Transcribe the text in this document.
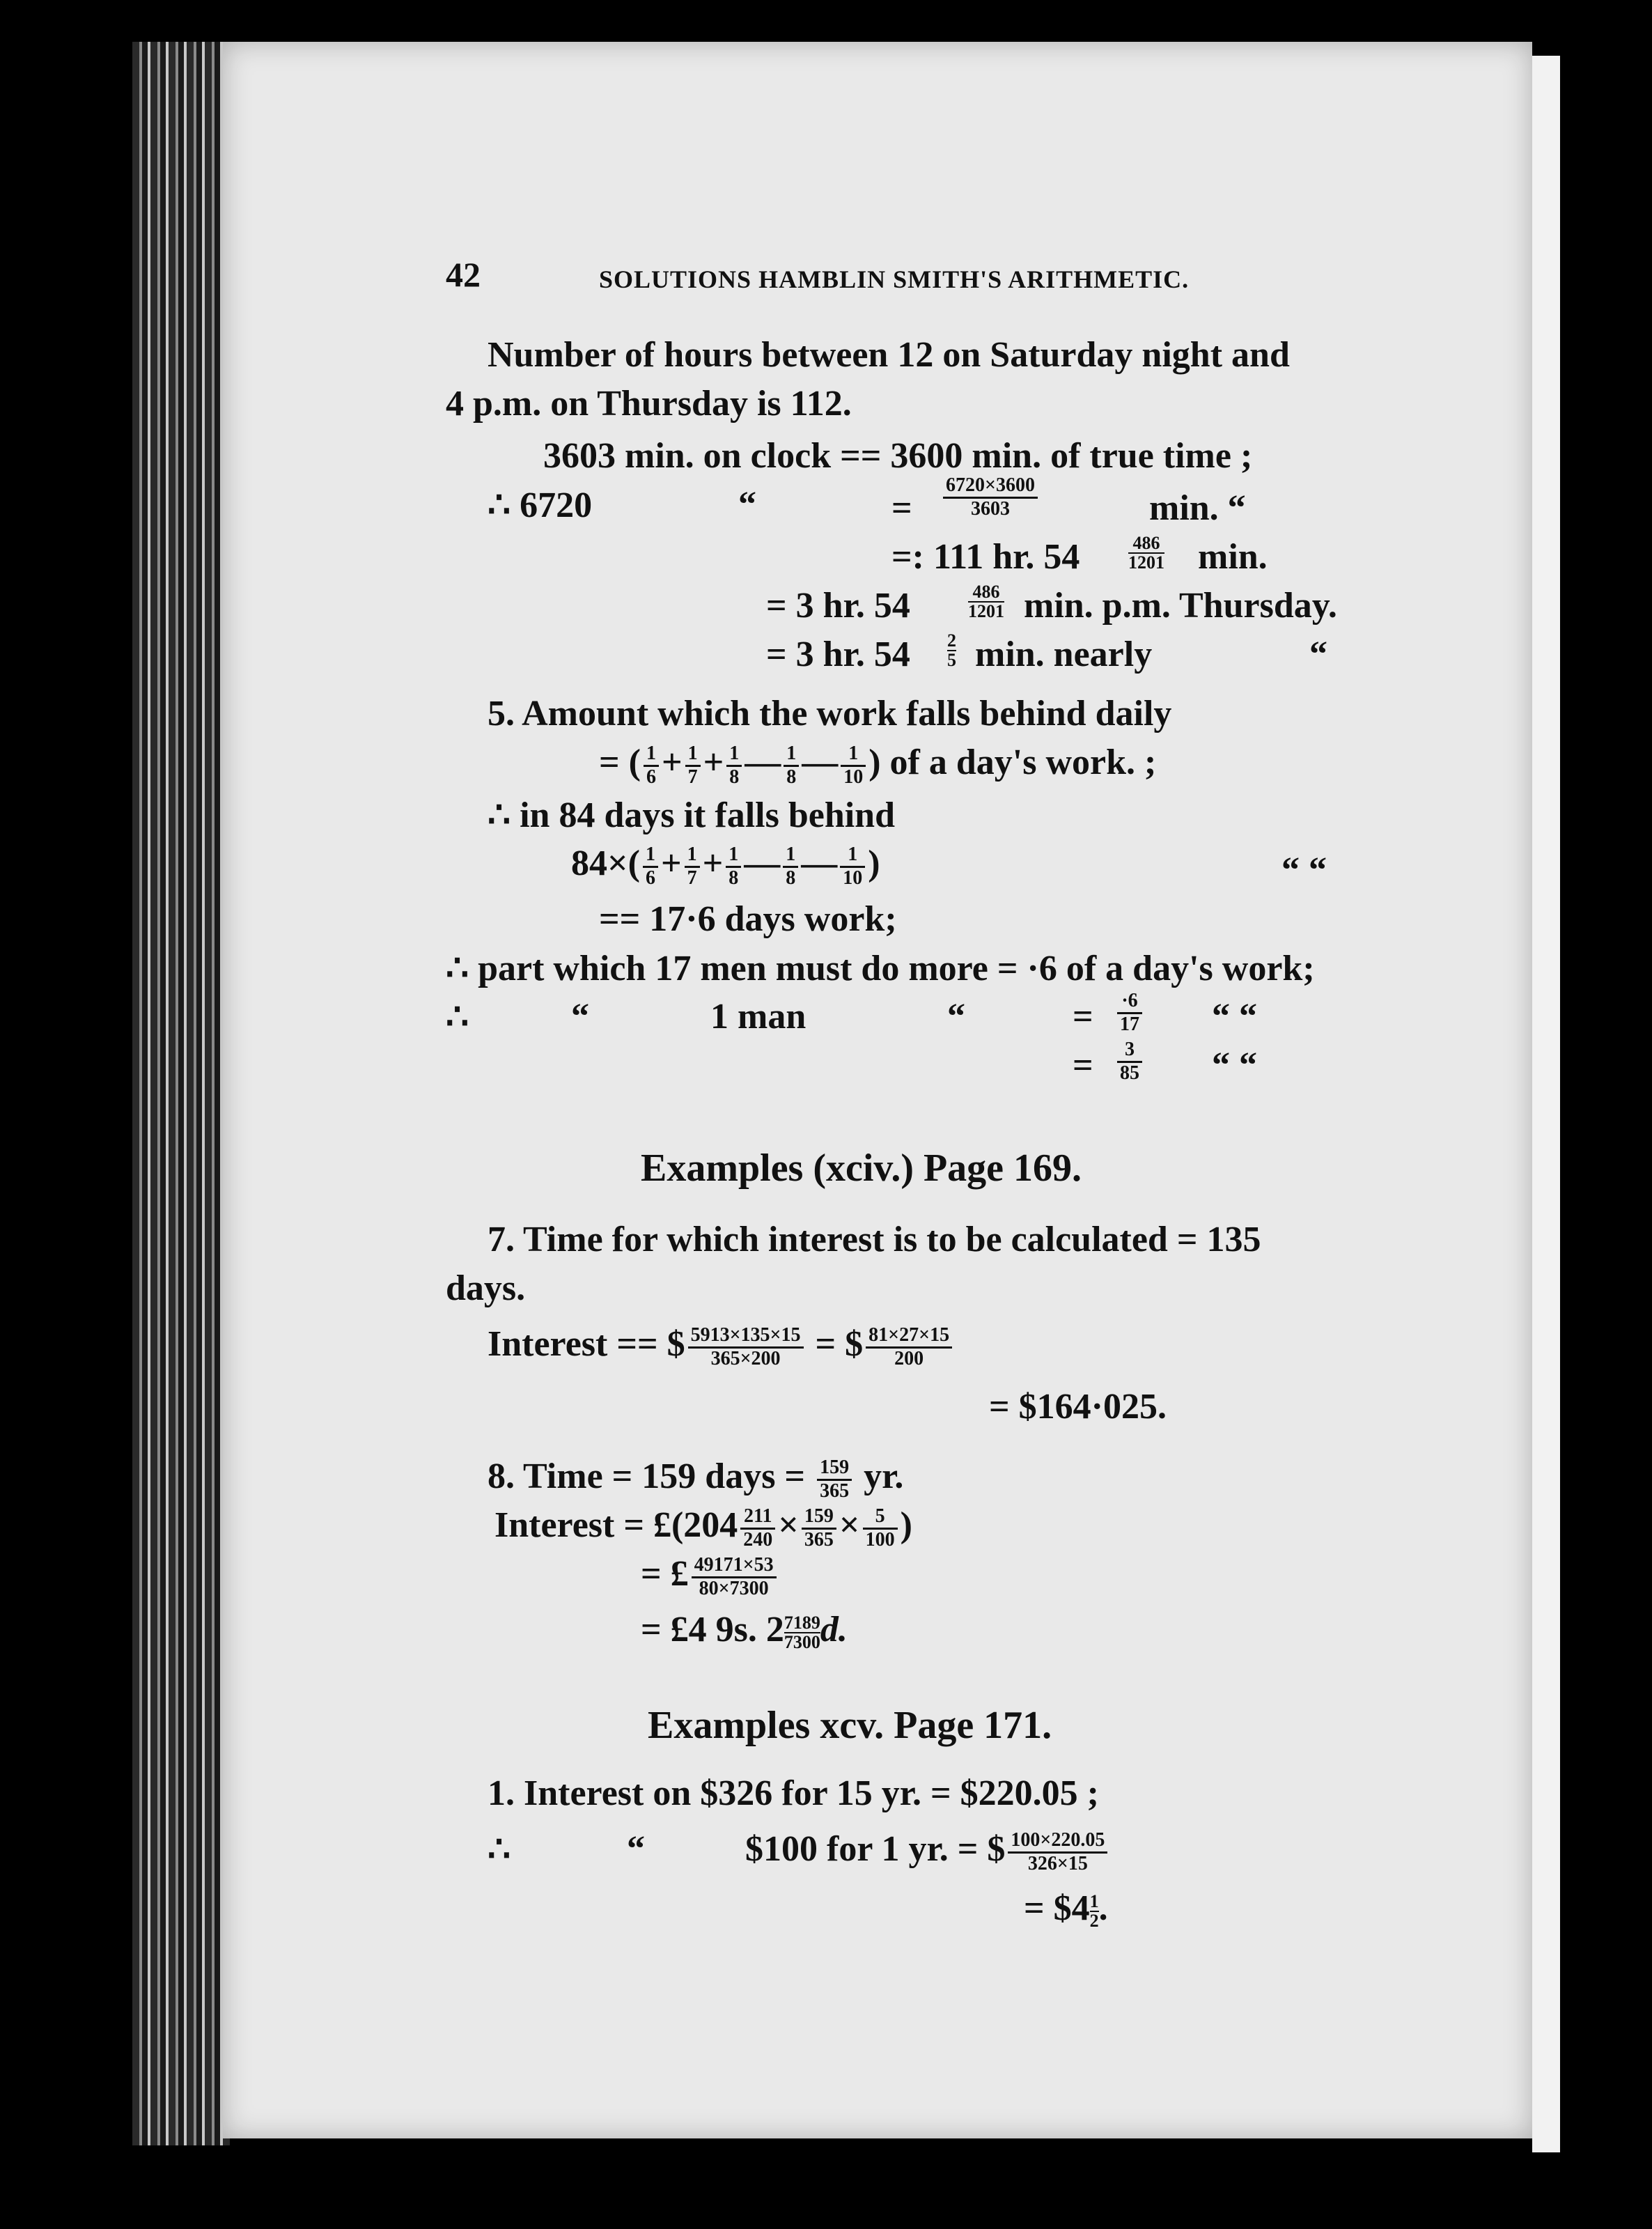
42	SOLUTIONS HAMBLIN SMITH'S ARITHMETIC.
Number of hours between 12 on Saturday night and
4 p.m. on Thursday is 112.
3603 min. on clock == 3600 min. of true time ;
∴ 6720	“	= $\frac{6720\times 3600}{3603}$	min. “
=: 111 hr. 54	$\frac{486}{1201} \min$.
= 3 hr. 54	$\frac{486}{1201} \min$. p.m. Thursday.
= 3 hr. $54 \frac{2}{5} \min$. nearly	“
5. Amount which the work falls behind daily
= ( $\frac{1}{6} + \frac{1}{7} + \frac{1}{8}$ — $\frac{1}{8}$ — $\frac{1}{10}$ ) of a day's work. ;
∴ in 84 days it falls behind
$84\times( \frac{1}{6} + \frac{1}{7} + \frac{1}{8}$ — $\frac{1}{8}$ — $\frac{1}{10}$ )	“ “
== 17·6 days work;
∴ part which 17 men must do more = ·6 of a day's work;
∴	“	1 man	“	= $\frac{\cdot 6}{17}$ “ “
= $\frac{3}{85}$ “ “
Examples (xciv.) Page 169.
7. Time for which interest is to be calculated = 135
days.
Interest == $ $\frac{5913\times 135\times 15}{365\times 200}$ = $ $\frac{81\times 27\times 15}{200}$
= $164·025.
8. Time = 159 days = $\frac{159}{365}$ yr.
Interest = £(204 $\frac{211}{240} \times \frac{159}{365} \times \frac{5}{100}$ )
= £ $\frac{49171\times 53}{80\times 7300}$
= £4 9s. $2 \frac{7189}{7300} d$.
Examples xcv. Page 171.
1. Interest on $326 for 15 yr. = $220.05 ;
∴	“	$100 for 1 yr. = $ $\frac{100\times 220.05}{326\times 15}$
= $4 $\frac{1}{2}$ .
